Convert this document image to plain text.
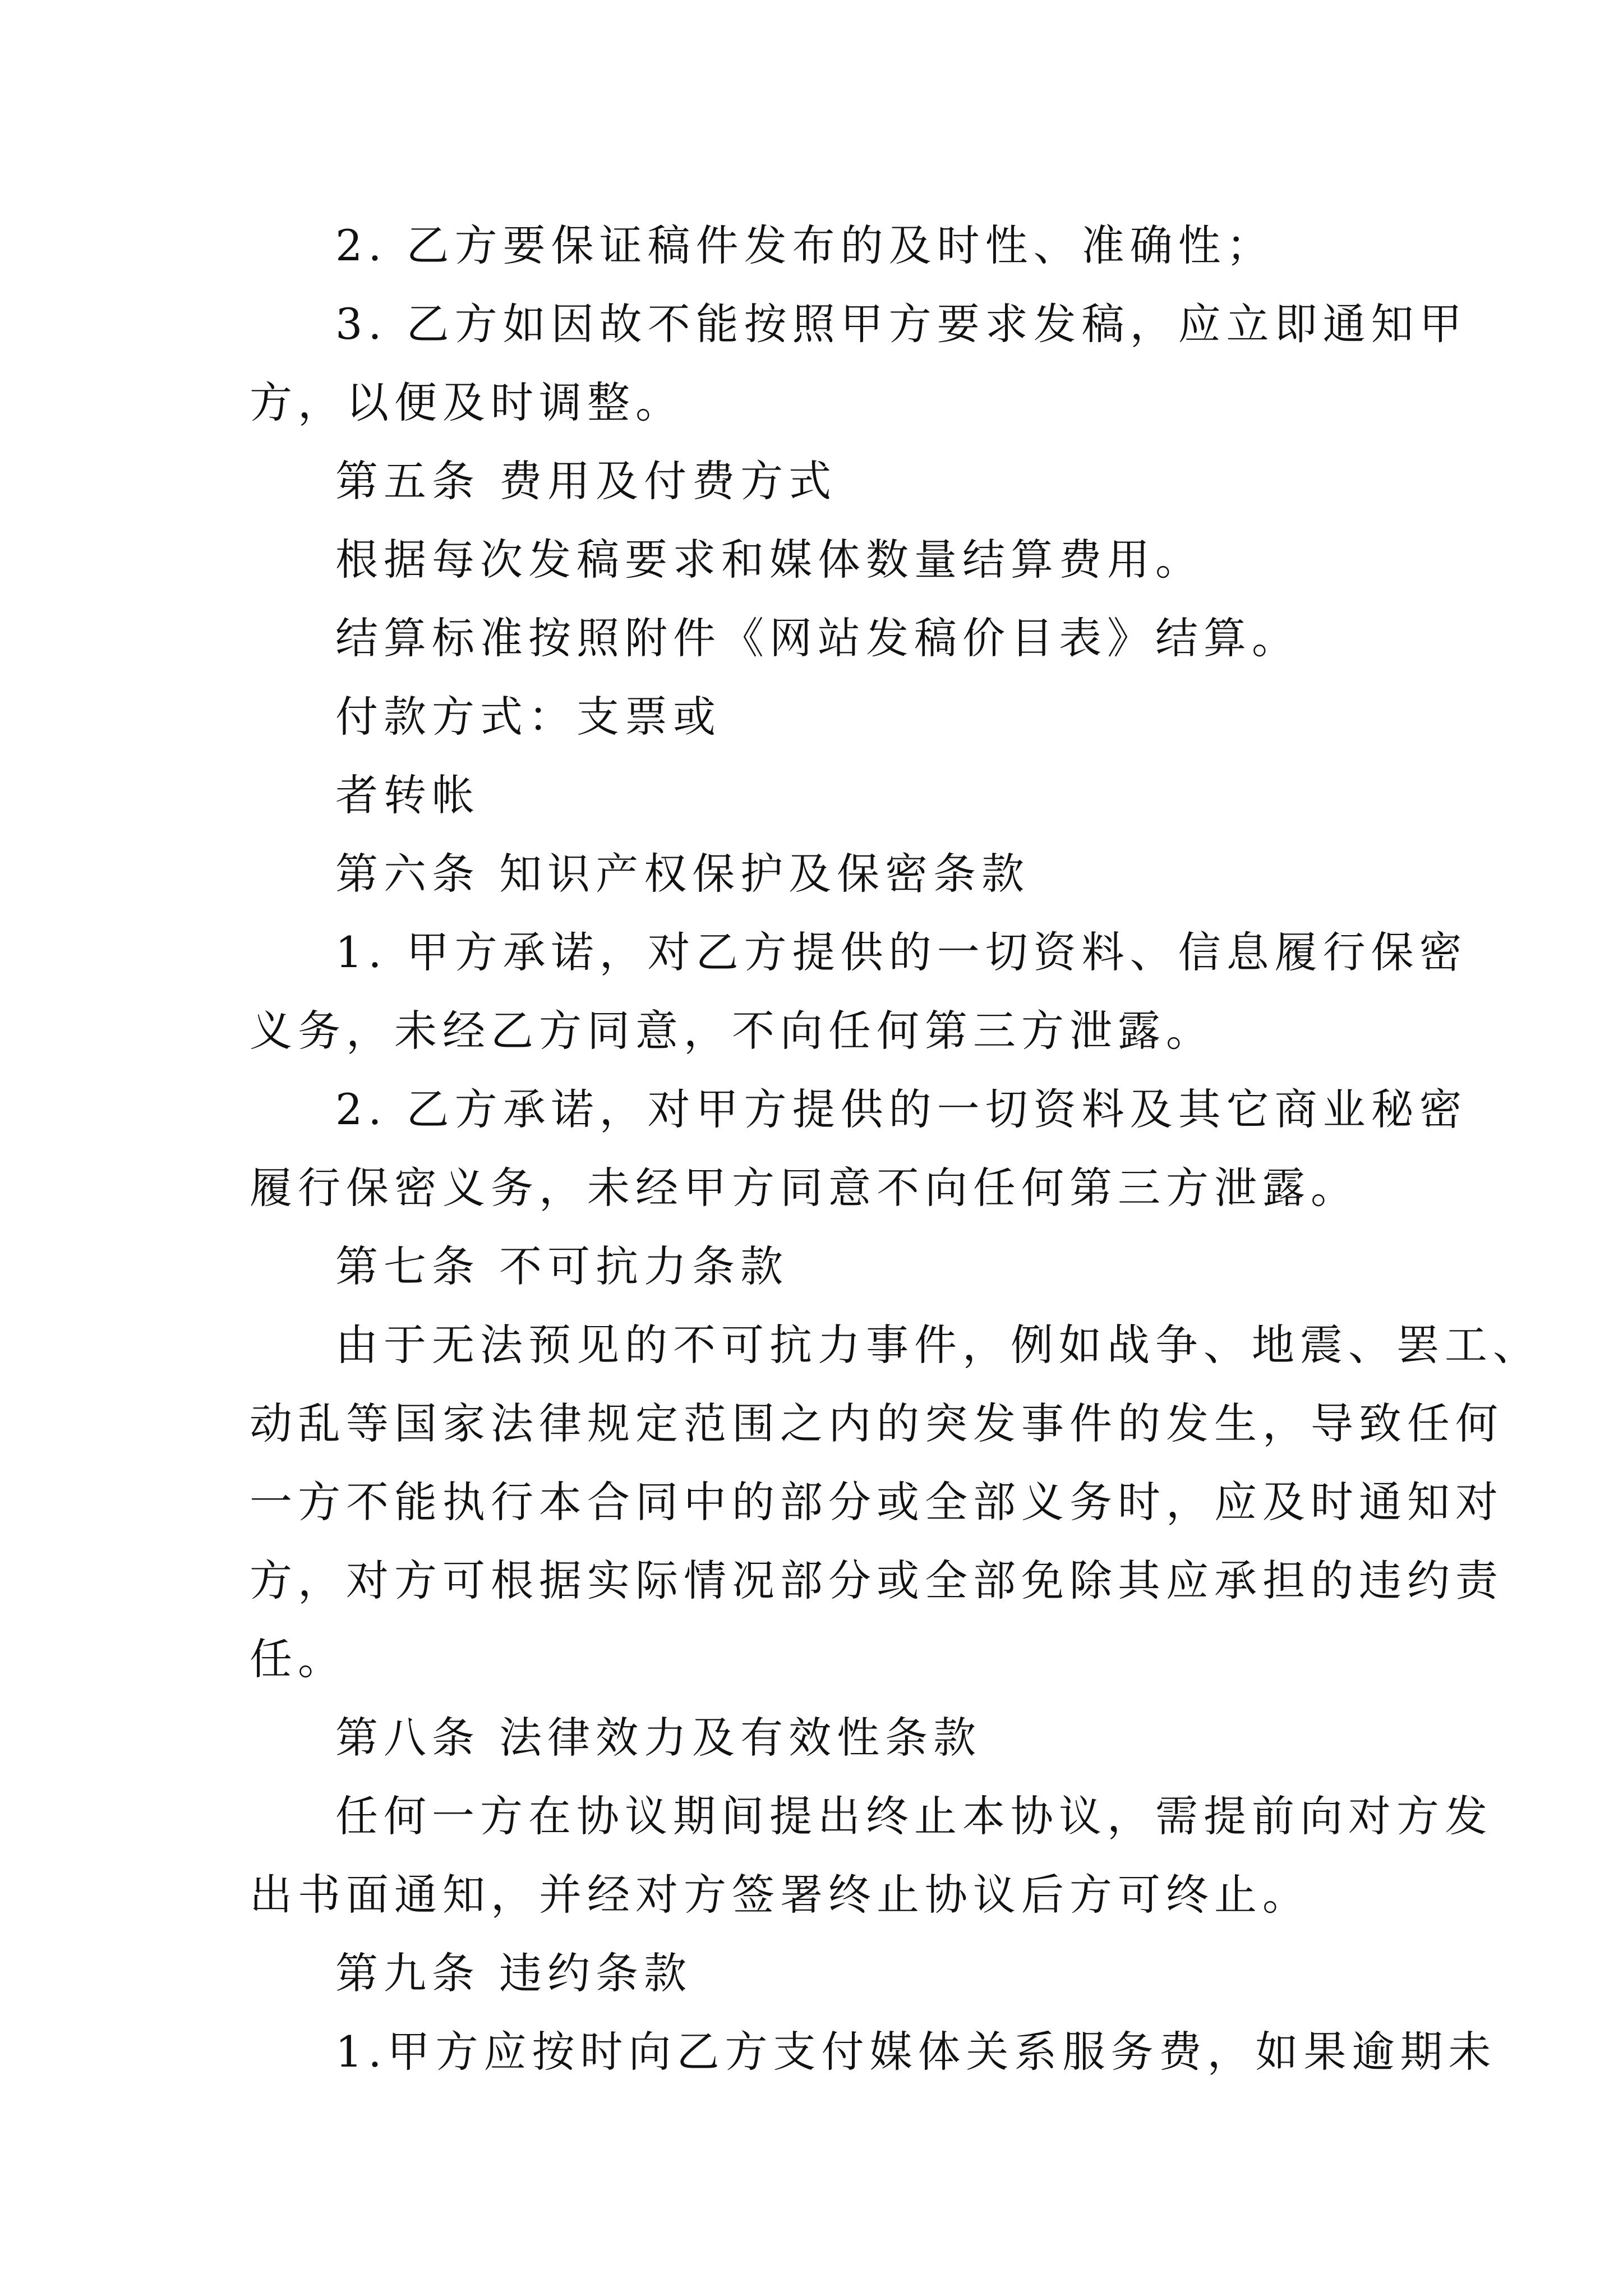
2. 乙方要保证稿件发布的及时性、准确性；
3. 乙方如因故不能按照甲方要求发稿，应立即通知甲
方，以便及时调整。
第五条 费用及付费方式
根据每次发稿要求和媒体数量结算费用。
结算标准按照附件《网站发稿价目表》结算。
付款方式：支票或
者转帐
第六条 知识产权保护及保密条款
1. 甲方承诺，对乙方提供的一切资料、信息履行保密
义务，未经乙方同意，不向任何第三方泄露。
2. 乙方承诺，对甲方提供的一切资料及其它商业秘密
履行保密义务，未经甲方同意不向任何第三方泄露。
第七条 不可抗力条款
由于无法预见的不可抗力事件，例如战争、地震、罢工、
动乱等国家法律规定范围之内的突发事件的发生，导致任何
一方不能执行本合同中的部分或全部义务时，应及时通知对
方，对方可根据实际情况部分或全部免除其应承担的违约责
任。
第八条 法律效力及有效性条款
任何一方在协议期间提出终止本协议，需提前向对方发
出书面通知，并经对方签署终止协议后方可终止。
第九条 违约条款
1.甲方应按时向乙方支付媒体关系服务费，如果逾期未
